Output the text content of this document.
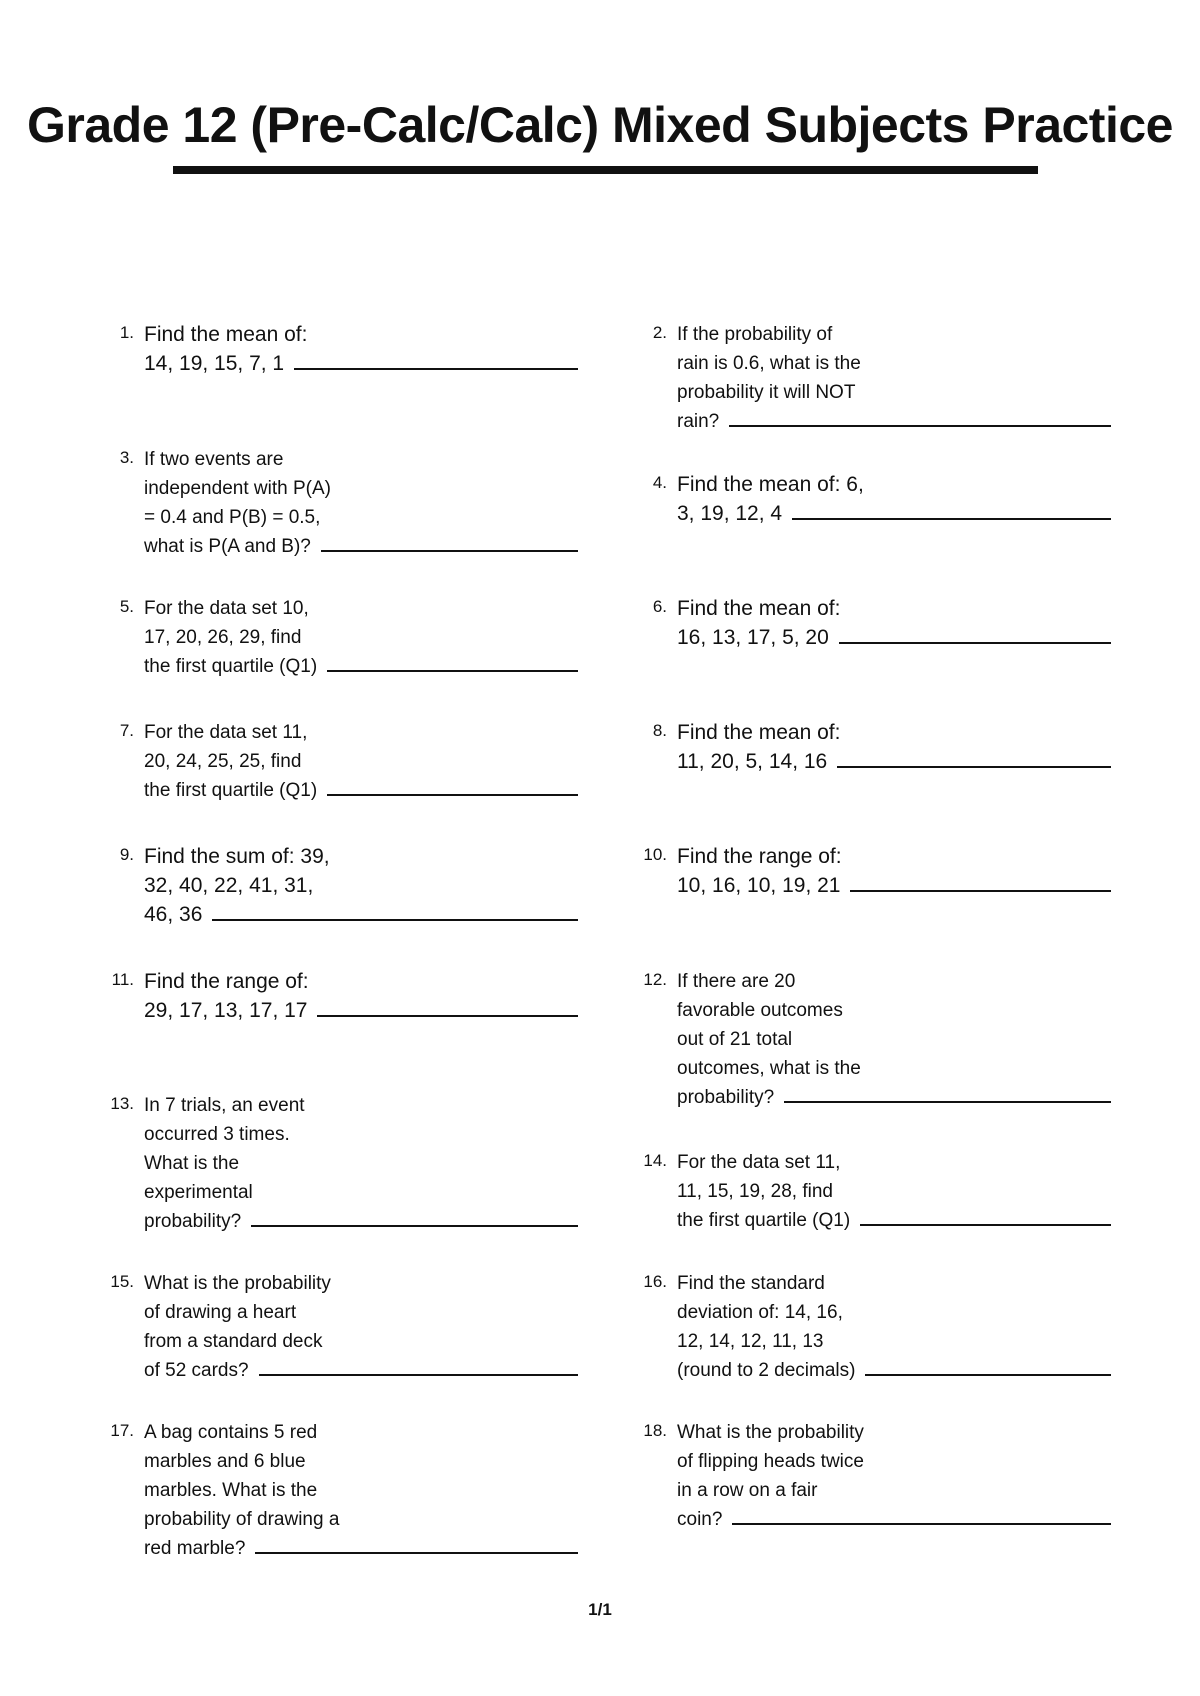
Grade 12 (Pre-Calc/Calc) Mixed Subjects Practice
1. Find the mean of:
14, 19, 15, 7, 1
2. If the probability of
rain is 0.6, what is the
probability it will NOT
rain?
3. If two events are
independent with P(A)
= 0.4 and P(B) = 0.5,
what is P(A and B)?
4. Find the mean of: 6,
3, 19, 12, 4
5. For the data set 10,
17, 20, 26, 29, find
the first quartile (Q1)
6. Find the mean of:
16, 13, 17, 5, 20
7. For the data set 11,
20, 24, 25, 25, find
the first quartile (Q1)
8. Find the mean of:
11, 20, 5, 14, 16
9. Find the sum of: 39,
32, 40, 22, 41, 31,
46, 36
10. Find the range of:
10, 16, 10, 19, 21
11. Find the range of:
29, 17, 13, 17, 17
12. If there are 20
favorable outcomes
out of 21 total
outcomes, what is the
probability?
13. In 7 trials, an event
occurred 3 times.
What is the
experimental
probability?
14. For the data set 11,
11, 15, 19, 28, find
the first quartile (Q1)
15. What is the probability
of drawing a heart
from a standard deck
of 52 cards?
16. Find the standard
deviation of: 14, 16,
12, 14, 12, 11, 13
(round to 2 decimals)
17. A bag contains 5 red
marbles and 6 blue
marbles. What is the
probability of drawing a
red marble?
18. What is the probability
of flipping heads twice
in a row on a fair
coin?
1/1
